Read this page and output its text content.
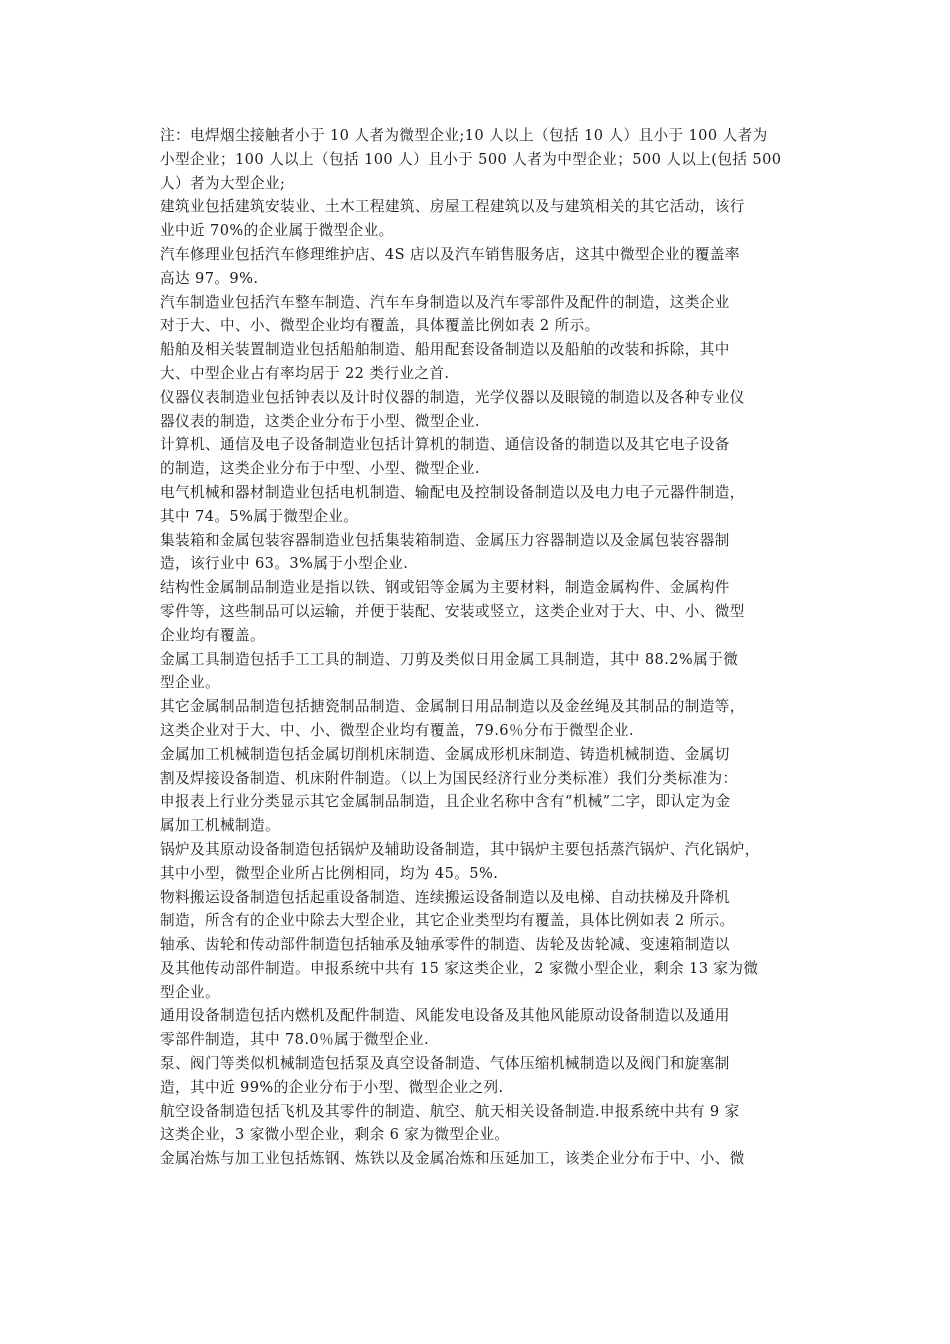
注：电焊烟尘接触者小于 10 人者为微型企业;10 人以上（包括 10 人）且小于 100 人者为
小型企业；100 人以上（包括 100 人）且小于 500 人者为中型企业；500 人以上(包括 500
人）者为大型企业;
建筑业包括建筑安装业、土木工程建筑、房屋工程建筑以及与建筑相关的其它活动，该行
业中近 70%的企业属于微型企业。
汽车修理业包括汽车修理维护店、4S 店以及汽车销售服务店，这其中微型企业的覆盖率
高达 97。9%.
汽车制造业包括汽车整车制造、汽车车身制造以及汽车零部件及配件的制造，这类企业
对于大、中、小、微型企业均有覆盖，具体覆盖比例如表 2 所示。
船舶及相关装置制造业包括船舶制造、船用配套设备制造以及船舶的改装和拆除，其中
大、中型企业占有率均居于 22 类行业之首.
仪器仪表制造业包括钟表以及计时仪器的制造，光学仪器以及眼镜的制造以及各种专业仪
器仪表的制造，这类企业分布于小型、微型企业.
计算机、通信及电子设备制造业包括计算机的制造、通信设备的制造以及其它电子设备
的制造，这类企业分布于中型、小型、微型企业.
电气机械和器材制造业包括电机制造、输配电及控制设备制造以及电力电子元器件制造，
其中 74。5%属于微型企业。
集装箱和金属包装容器制造业包括集装箱制造、金属压力容器制造以及金属包装容器制
造，该行业中 63。3%属于小型企业.
结构性金属制品制造业是指以铁、钢或铝等金属为主要材料，制造金属构件、金属构件
零件等，这些制品可以运输，并便于装配、安装或竖立，这类企业对于大、中、小、微型
企业均有覆盖。
金属工具制造包括手工工具的制造、刀剪及类似日用金属工具制造，其中 88.2%属于微
型企业。
其它金属制品制造包括搪瓷制品制造、金属制日用品制造以及金丝绳及其制品的制造等，
这类企业对于大、中、小、微型企业均有覆盖，79.6％分布于微型企业.
金属加工机械制造包括金属切削机床制造、金属成形机床制造、铸造机械制造、金属切
割及焊接设备制造、机床附件制造。（以上为国民经济行业分类标准）我们分类标准为：
申报表上行业分类显示其它金属制品制造，且企业名称中含有“机械”二字，即认定为金
属加工机械制造。
锅炉及其原动设备制造包括锅炉及辅助设备制造，其中锅炉主要包括蒸汽锅炉、汽化锅炉，
其中小型，微型企业所占比例相同，均为 45。5%.
物料搬运设备制造包括起重设备制造、连续搬运设备制造以及电梯、自动扶梯及升降机
制造，所含有的企业中除去大型企业，其它企业类型均有覆盖，具体比例如表 2 所示。
轴承、齿轮和传动部件制造包括轴承及轴承零件的制造、齿轮及齿轮减、变速箱制造以
及其他传动部件制造。申报系统中共有 15 家这类企业，2 家微小型企业，剩余 13 家为微
型企业。
通用设备制造包括内燃机及配件制造、风能发电设备及其他风能原动设备制造以及通用
零部件制造，其中 78.0％属于微型企业.
泵、阀门等类似机械制造包括泵及真空设备制造、气体压缩机械制造以及阀门和旋塞制
造，其中近 99%的企业分布于小型、微型企业之列.
航空设备制造包括飞机及其零件的制造、航空、航天相关设备制造.申报系统中共有 9 家
这类企业，3 家微小型企业，剩余 6 家为微型企业。
金属冶炼与加工业包括炼钢、炼铁以及金属冶炼和压延加工，该类企业分布于中、小、微
